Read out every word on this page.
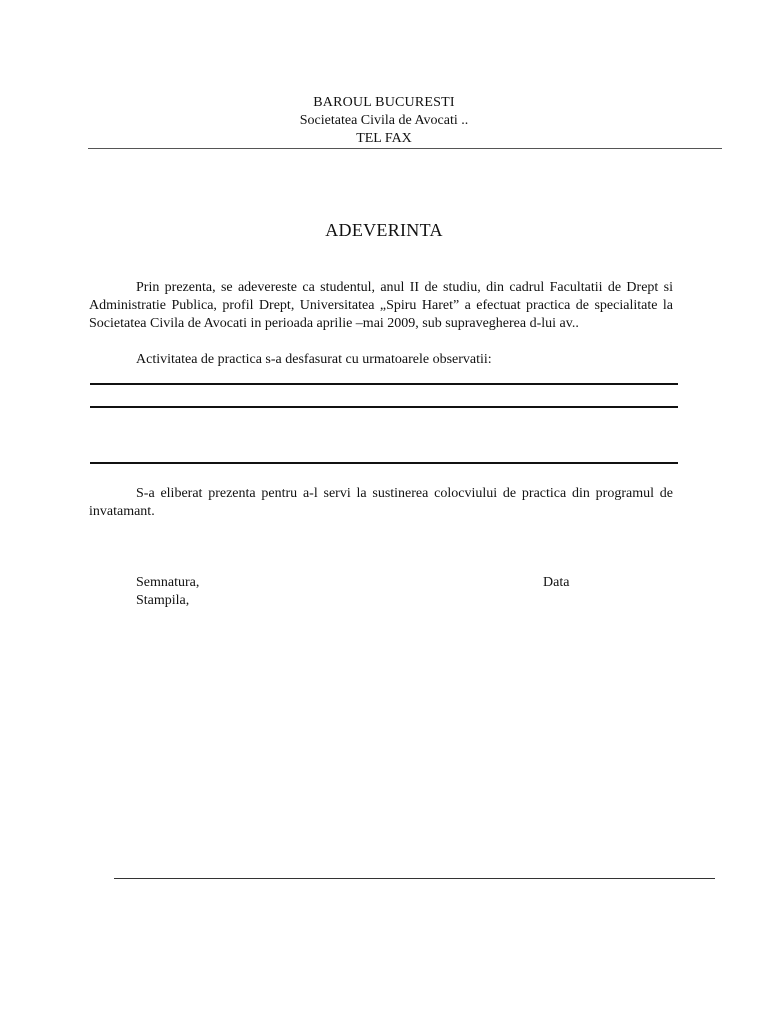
BAROUL BUCURESTI
Societatea Civila de Avocati ..
TEL FAX
ADEVERINTA
Prin prezenta, se adevereste ca studentul, anul II de studiu, din cadrul Facultatii de Drept si Administratie Publica, profil Drept, Universitatea „Spiru Haret” a efectuat practica de specialitate la Societatea Civila de Avocati in perioada aprilie –mai 2009, sub supravegherea d-lui av..
Activitatea de practica s-a desfasurat cu urmatoarele observatii:
S-a eliberat prezenta pentru a-l servi la sustinerea colocviului de practica din programul de invatamant.
Semnatura,
Stampila,
Data
